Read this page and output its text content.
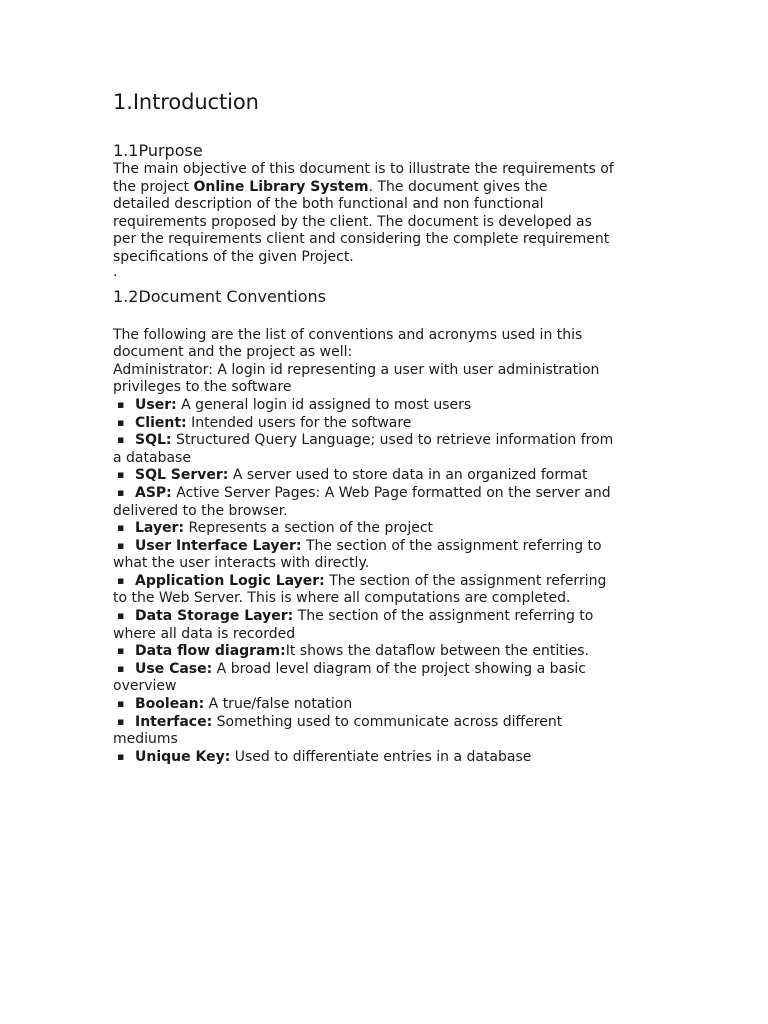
1.Introduction
1.1Purpose

The main objective of this document is to illustrate the requirements of
the project Online Library System. The document gives the
detailed description of the both functional and non functional
requirements proposed by the client. The document is developed as
per the requirements client and considering the complete requirement
specifications of the given Project.

.
1.2Document Conventions

The following are the list of conventions and acronyms used in this
document and the project as well:
Administrator: A login id representing a user with user administration
privileges to the software

▪ User: A general login id assigned to most users
▪ Client: Intended users for the software
▪ SQL: Structured Query Language; used to retrieve information from
a database
▪ SQL Server: A server used to store data in an organized format
▪ ASP: Active Server Pages: A Web Page formatted on the server and
delivered to the browser.
▪ Layer: Represents a section of the project
▪ User Interface Layer: The section of the assignment referring to
what the user interacts with directly.
▪ Application Logic Layer: The section of the assignment referring
to the Web Server. This is where all computations are completed.
▪ Data Storage Layer: The section of the assignment referring to
where all data is recorded
▪ Data flow diagram:It shows the dataflow between the entities.
▪ Use Case: A broad level diagram of the project showing a basic
overview
▪ Boolean: A true/false notation
▪ Interface: Something used to communicate across different
mediums
▪ Unique Key: Used to differentiate entries in a database
